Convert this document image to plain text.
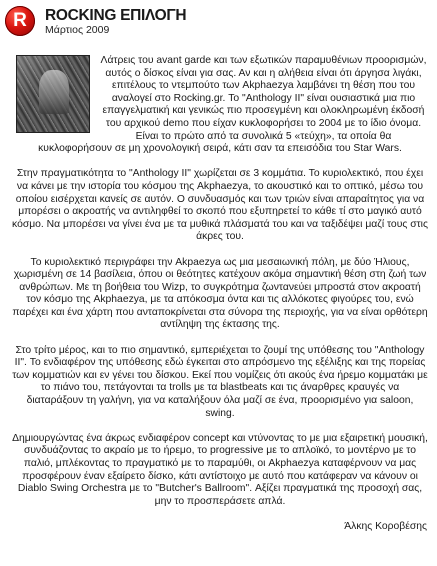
R	ROCKING ΕΠΙΛΟΓΗ
Μάρτιος 2009

Λάτρεις του avant garde και των εξωτικών παραμυθένιων προορισμών, αυτός ο δίσκος είναι για σας. Αν και η αλήθεια είναι ότι άργησα λιγάκι, επιτέλους το ντεμπούτο των Akphaezya λαμβάνει τη θέση που του αναλογεί στο Rocking.gr. Το "Anthology II" είναι ουσιαστικά μια πιο επαγγελματική και γενικώς πιο προσεγμένη και ολοκληρωμένη έκδοσή του αρχικού demo που είχαν κυκλοφορήσει το 2004 με το ίδιο όνομα. Είναι το πρώτο από τα συνολικά 5 «τεύχη», τα οποία θα κυκλοφορήσουν σε μη χρονολογική σειρά, κάτι σαν τα επεισόδια του Star Wars.

Στην πραγματικότητα το "Anthology II" χωρίζεται σε 3 κομμάτια. Το κυριολεκτικό, που έχει να κάνει με την ιστορία του κόσμου της Akphaezya, το ακουστικό και το οπτικό, μέσω του οποίου εισέρχεται κανείς σε αυτόν. Ο συνδυασμός και των τριών είναι απαραίτητος για να μπορέσει ο ακροατής να αντιληφθεί το σκοπό που εξυπηρετεί το κάθε τί στο μαγικό αυτό κόσμο. Να μπορέσει να γίνει ένα με τα μυθικά πλάσματά του και να ταξιδέψει μαζί τους στις άκρες του.

Το κυριολεκτικό περιγράφει την Akpaezya ως μια μεσαιωνική πόλη, με δύο Ήλιους, χωρισμένη σε 14 βασίλεια, όπου οι θεότητες κατέχουν ακόμα σημαντική θέση στη ζωή των ανθρώπων. Με τη βοήθεια του Wizp, το συγκρότημα ζωντανεύει μπροστά στον ακροατή τον κόσμο της Akphaezya, με τα απόκοσμα όντα και τις αλλόκοτες φιγούρες του, ενώ παρέχει και ένα χάρτη που ανταποκρίνεται στα σύνορα της περιοχής, για να είναι ορθότερη αντίληψη της έκτασης της.

Στο τρίτο μέρος, και το πιο σημαντικό, εμπεριέχεται το ζουμί της υπόθεσης του "Anthology II". Το ενδιαφέρον της υπόθεσης εδώ έγκειται στο απρόσμενο της εξέλιξης και της πορείας των κομματιών και εν γένει του δίσκου. Εκεί που νομίζεις ότι ακούς ένα ήρεμο κομματάκι με το πιάνο του, πετάγονται τα trolls με τα blastbeats και τις άναρθρες κραυγές να διαταράξουν τη γαλήνη, για να καταλήξουν όλα μαζί σε ένα, προορισμένο για saloon, swing.

Δημιουργώντας ένα άκρως ενδιαφέρον concept και ντύνοντας το με μια εξαιρετική μουσική, συνδυάζοντας το ακραίο με το ήρεμο, το progressive με το απλοϊκό, το μοντέρνο με το παλιό, μπλέκοντας το πραγματικό με το παραμύθι, οι Akphaezya καταφέρνουν να μας προσφέρουν έναν εξαίρετο δίσκο, κάτι αντίστοιχο με αυτό που κατάφεραν να κάνουν οι Diablo Swing Orchestra με το "Butcher's Ballroom". Αξίζει πραγματικά της προσοχή σας, μην το προσπεράσετε απλά.

Άλκης Κοροβέσης
